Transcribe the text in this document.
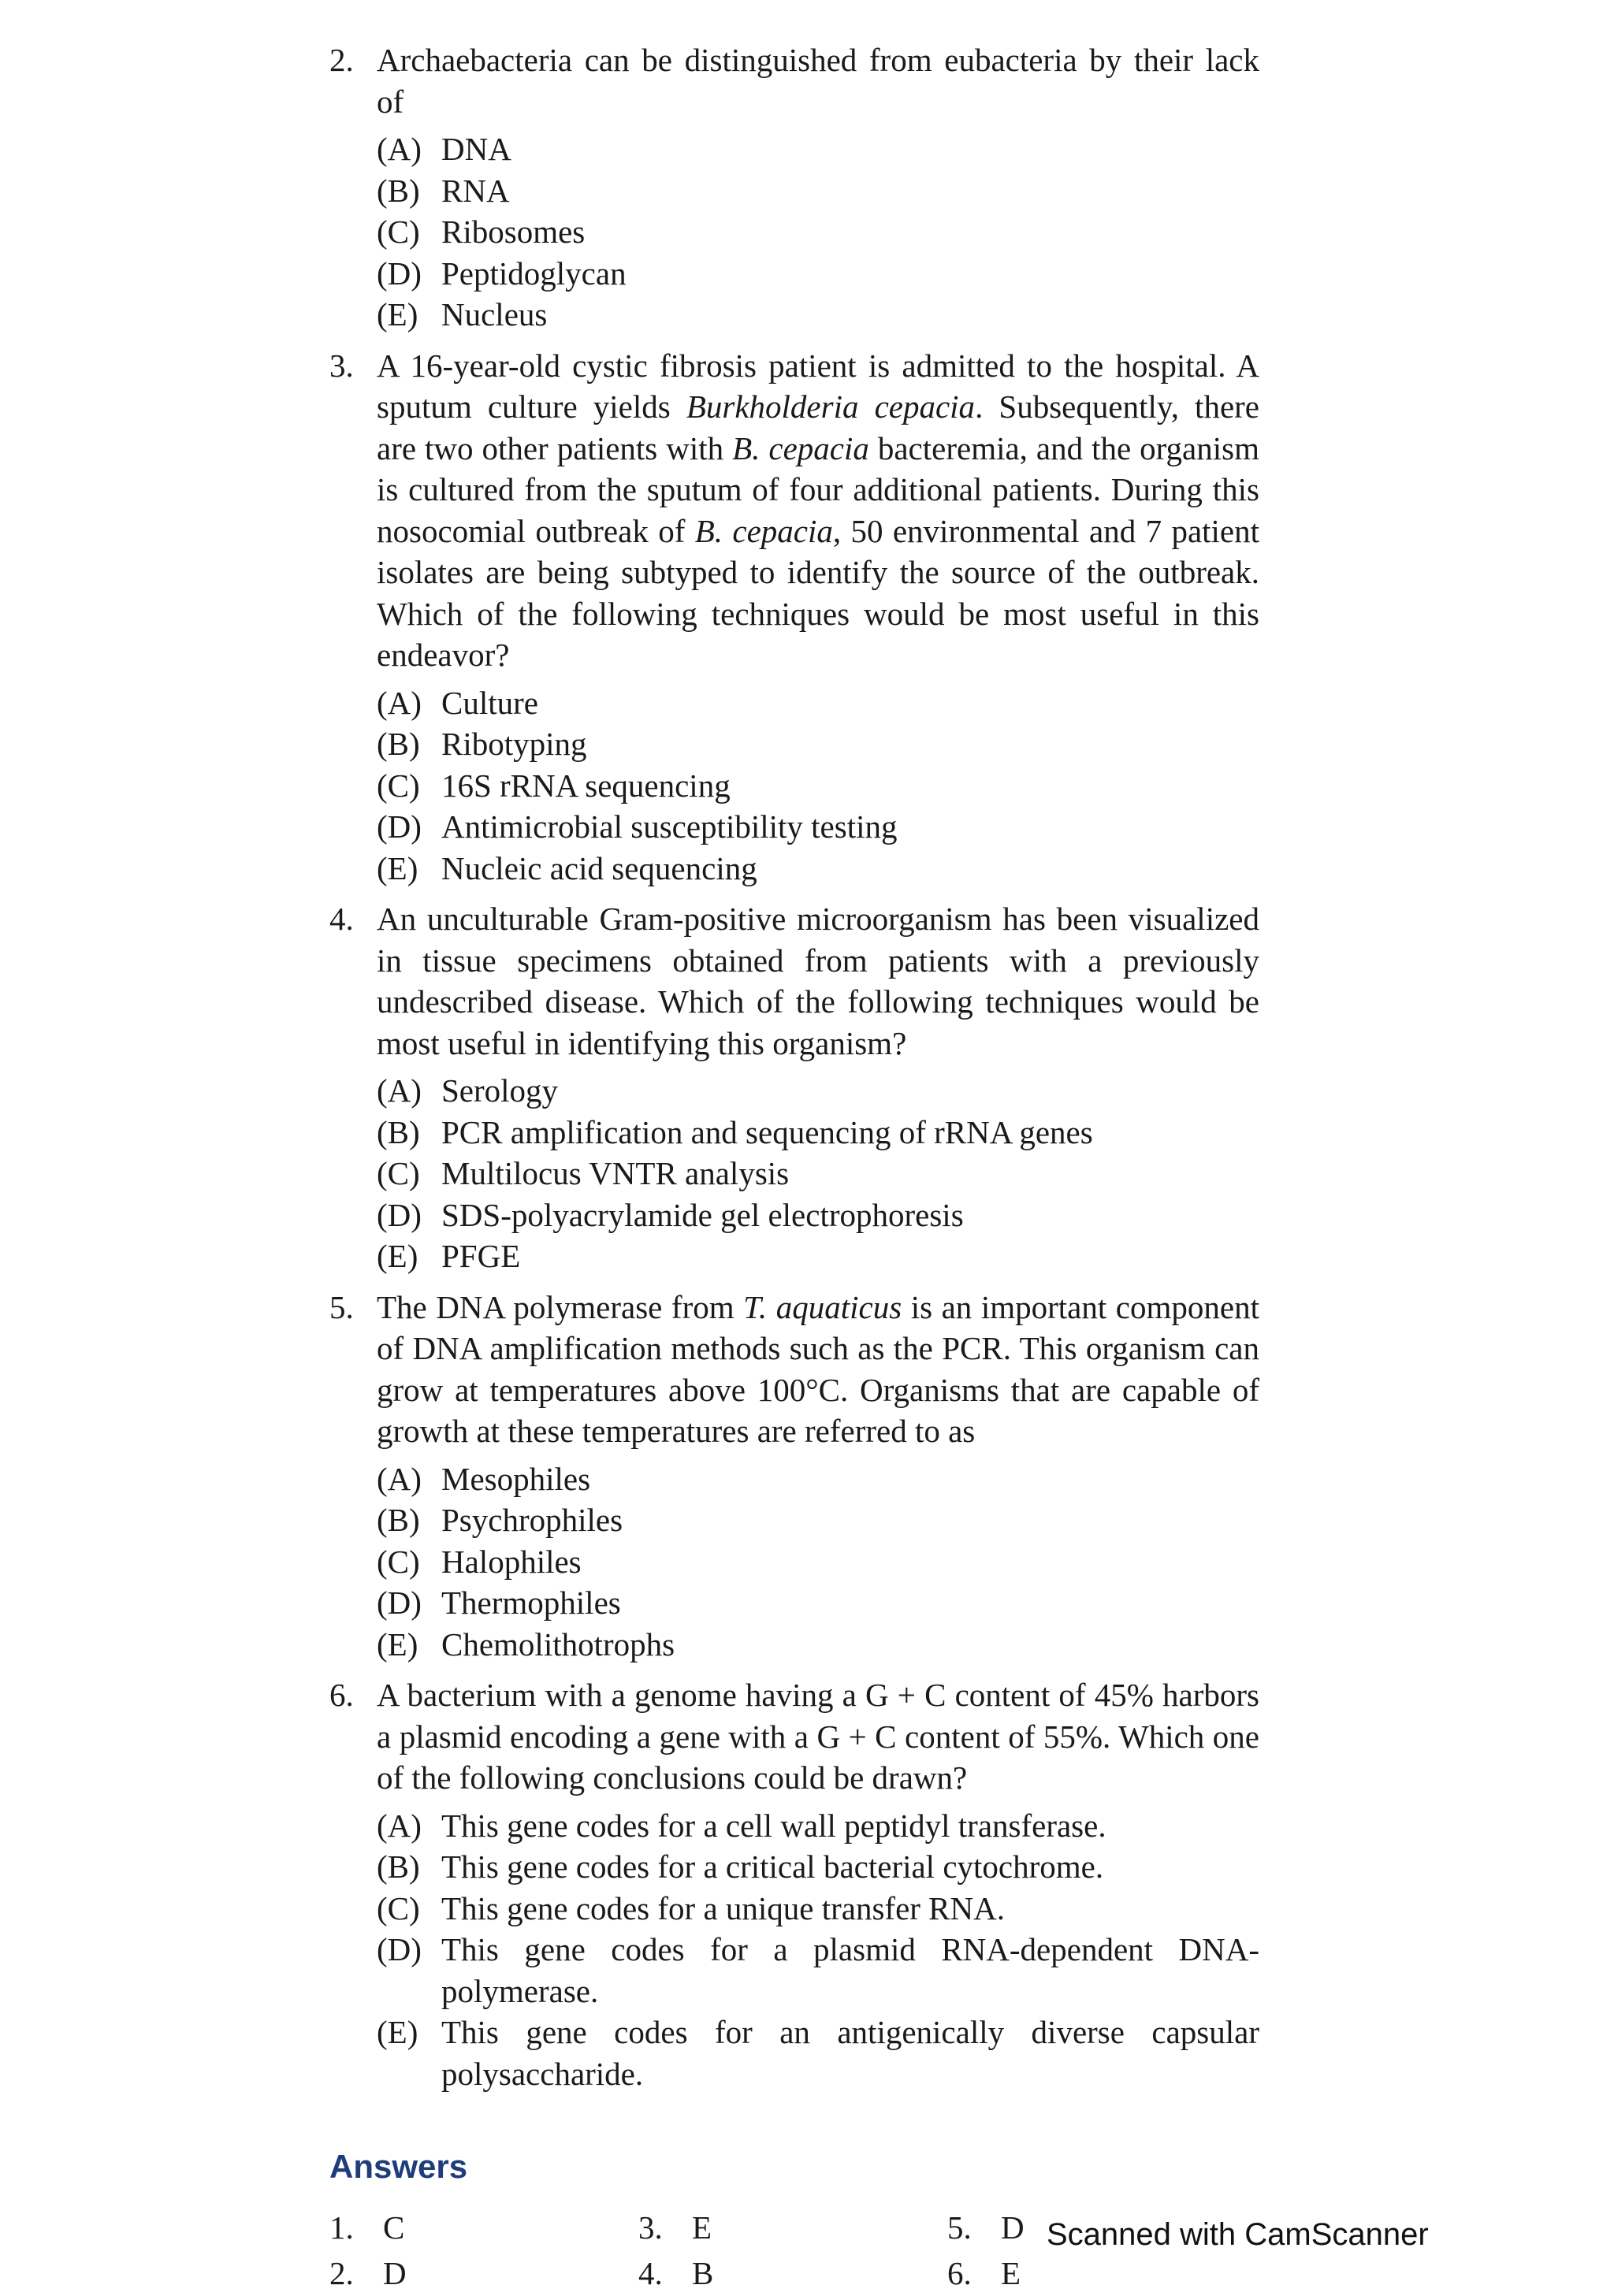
2. Archaebacteria can be distinguished from eubacteria by their lack of
(A) DNA
(B) RNA
(C) Ribosomes
(D) Peptidoglycan
(E) Nucleus
3. A 16-year-old cystic fibrosis patient is admitted to the hospital. A sputum culture yields Burkholderia cepacia. Subsequently, there are two other patients with B. cepacia bacteremia, and the organism is cultured from the sputum of four additional patients. During this nosocomial outbreak of B. cepacia, 50 environmental and 7 patient isolates are being subtyped to identify the source of the outbreak. Which of the following techniques would be most useful in this endeavor?
(A) Culture
(B) Ribotyping
(C) 16S rRNA sequencing
(D) Antimicrobial susceptibility testing
(E) Nucleic acid sequencing
4. An unculturable Gram-positive microorganism has been visualized in tissue specimens obtained from patients with a previously undescribed disease. Which of the following techniques would be most useful in identifying this organism?
(A) Serology
(B) PCR amplification and sequencing of rRNA genes
(C) Multilocus VNTR analysis
(D) SDS-polyacrylamide gel electrophoresis
(E) PFGE
5. The DNA polymerase from T. aquaticus is an important component of DNA amplification methods such as the PCR. This organism can grow at temperatures above 100°C. Organisms that are capable of growth at these temperatures are referred to as
(A) Mesophiles
(B) Psychrophiles
(C) Halophiles
(D) Thermophiles
(E) Chemolithotrophs
6. A bacterium with a genome having a G + C content of 45% harbors a plasmid encoding a gene with a G + C content of 55%. Which one of the following conclusions could be drawn?
(A) This gene codes for a cell wall peptidyl transferase.
(B) This gene codes for a critical bacterial cytochrome.
(C) This gene codes for a unique transfer RNA.
(D) This gene codes for a plasmid RNA-dependent DNA-polymerase.
(E) This gene codes for an antigenically diverse capsular polysaccharide.
Answers
1. C
2. D
3. E
4. B
5. D
6. E
Scanned with CamScanner
